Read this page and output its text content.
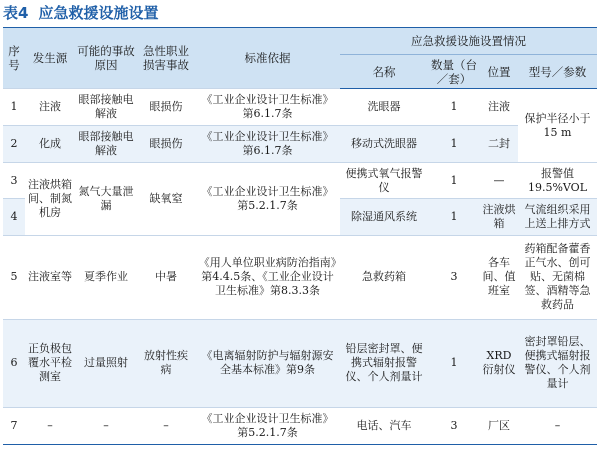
表4 应急救援设施设置
序号	发生源	可能的事故原因	急性职业损害事故	标准依据	应急救援设施设置情况			
					名称	数量（台／套）	位置	型号／参数
1	注液	眼部接触电解液	眼损伤	《工业企业设计卫生标准》第6.1.7条	洗眼器	1	注液	保护半径小于15 m
2	化成	眼部接触电解液	眼损伤	《工业企业设计卫生标准》第6.1.7条	移动式洗眼器	1	二封	
3	注液烘箱间、制氮机房	氮气大量泄漏	缺氧窒	《工业企业设计卫生标准》第5.2.1.7条	便携式氧气报警仪	1	—	报警值19.5%VOL
4					除湿通风系统	1	注液烘箱	气流组织采用上送上排方式
5	注液室等	夏季作业	中暑	《用人单位职业病防治指南》第4.4.5条、《工业企业设计卫生标准》第8.3.3条	急救药箱	3	各车间、值班室	药箱配备藿香正气水、创可贴、无菌棉签、酒精等急救药品
6	正负极包覆水平检测室	过量照射	放射性疾病	《电离辐射防护与辐射源安全基本标准》第9条	铅层密封罩、便携式辐射报警仪、个人剂量计	1	XRD衍射仪	密封罩铅层、便携式辐射报警仪、个人剂量计
7	–	–	–	《工业企业设计卫生标准》第5.2.1.7条	电话、汽车	3	厂区	–
